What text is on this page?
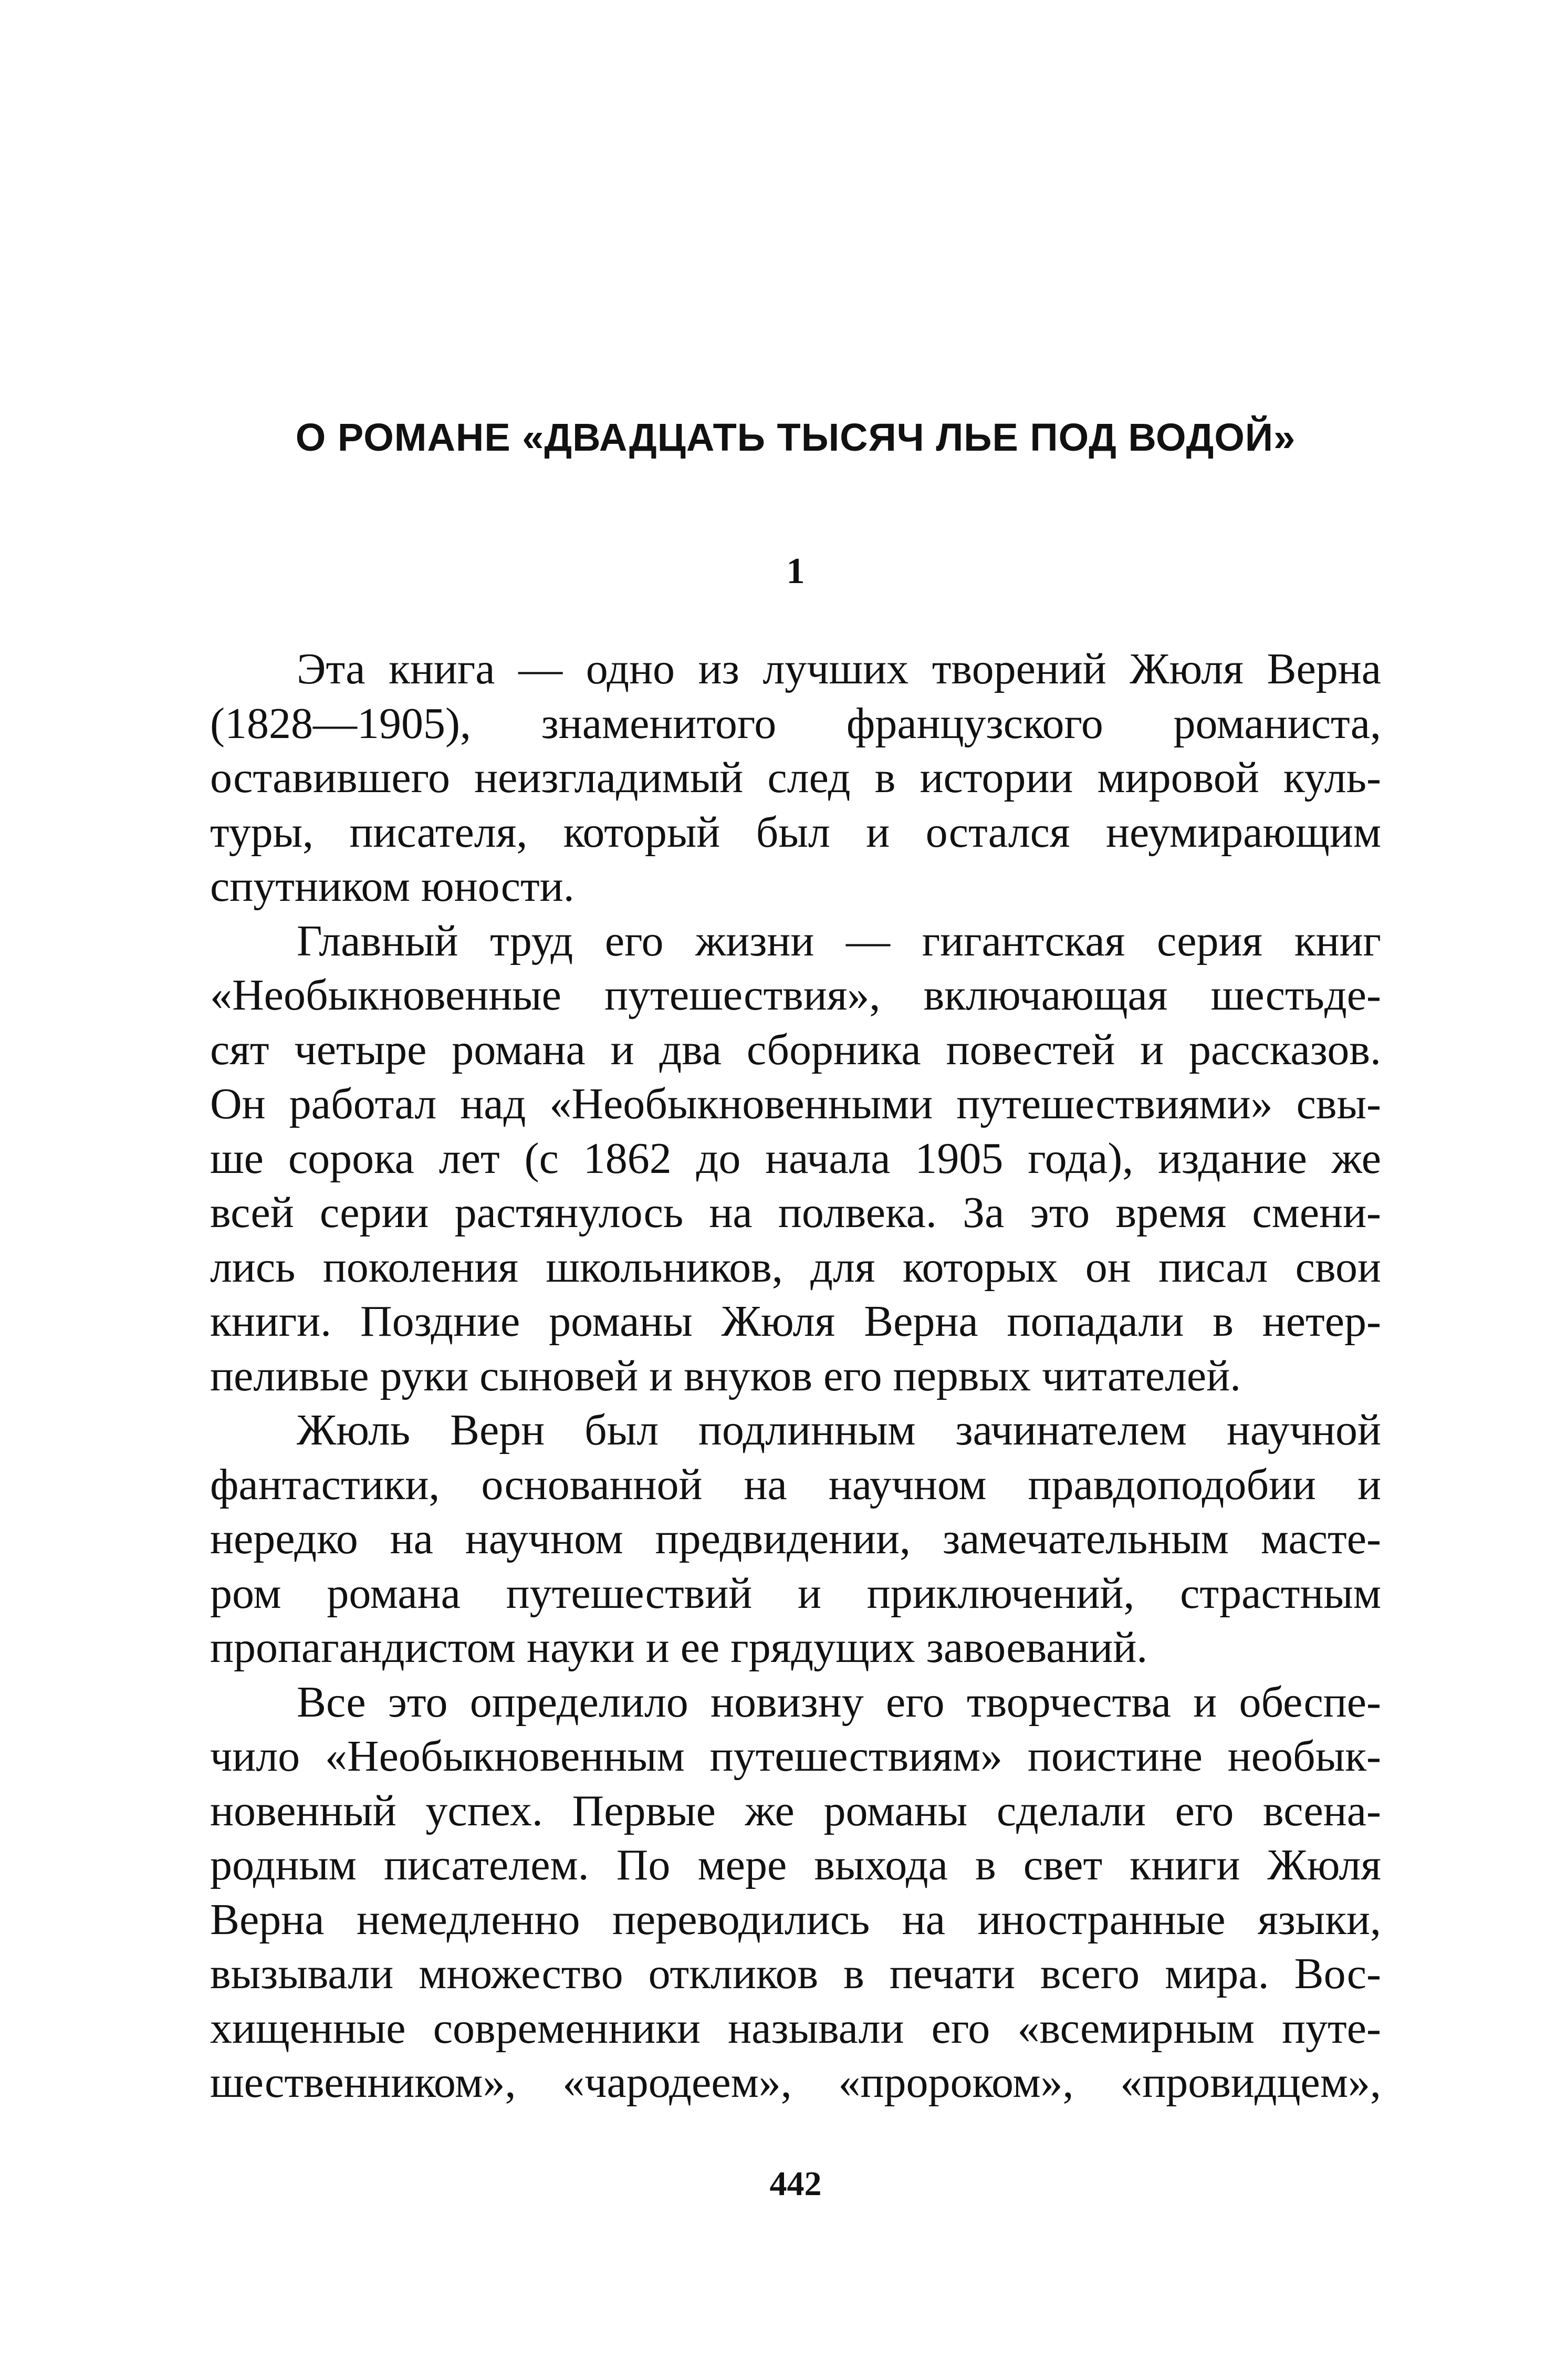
О РОМАНЕ «ДВАДЦАТЬ ТЫСЯЧ ЛЬЕ ПОД ВОДОЙ»
1

Эта книга — одно из лучших творений Жюля Верна
(1828—1905), знаменитого французского романиста,
оставившего неизгладимый след в истории мировой куль-
туры, писателя, который был и остался неумирающим
спутником юности.

Главный труд его жизни — гигантская серия книг
«Необыкновенные путешествия», включающая шестьде-
сят четыре романа и два сборника повестей и рассказов.
Он работал над «Необыкновенными путешествиями» свы-
ше сорока лет (с 1862 до начала 1905 года), издание же
всей серии растянулось на полвека. За это время смени-
лись поколения школьников, для которых он писал свои
книги. Поздние романы Жюля Верна попадали в нетер-
пеливые руки сыновей и внуков его первых читателей.

Жюль Верн был подлинным зачинателем научной
фантастики, основанной на научном правдоподобии и
нередко на научном предвидении, замечательным масте-
ром романа путешествий и приключений, страстным
пропагандистом науки и ее грядущих завоеваний.

Все это определило новизну его творчества и обеспе-
чило «Необыкновенным путешествиям» поистине необык-
новенный успех. Первые же романы сделали его всена-
родным писателем. По мере выхода в свет книги Жюля
Верна немедленно переводились на иностранные языки,
вызывали множество откликов в печати всего мира. Вос-
хищенные современники называли его «всемирным путе-
шественником», «чародеем», «пророком», «провидцем»,

442
